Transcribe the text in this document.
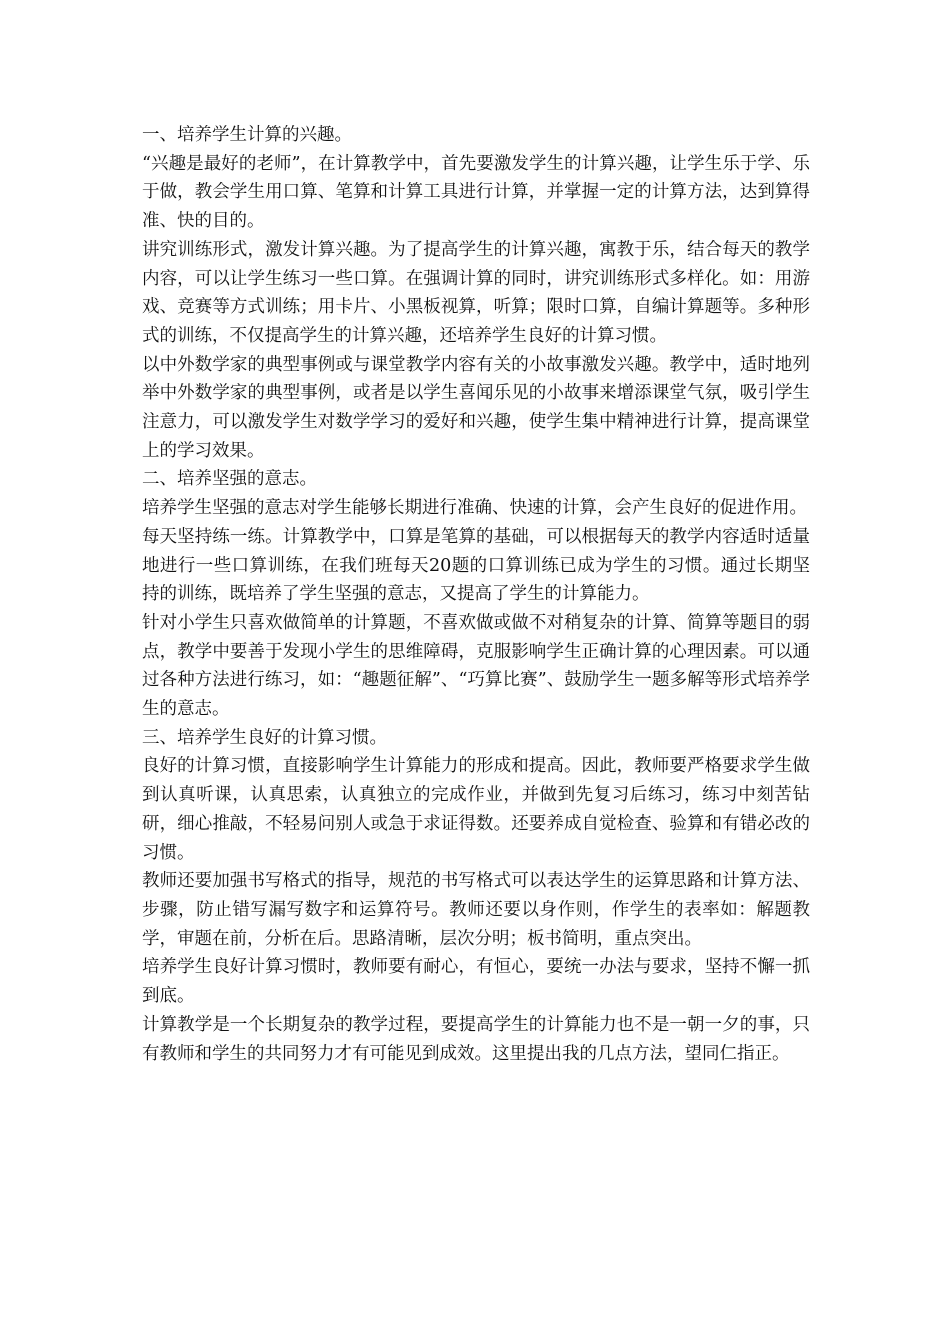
一、培养学生计算的兴趣。

“兴趣是最好的老师”，在计算教学中，首先要激发学生的计算兴趣，让学生乐于学、乐于做，教会学生用口算、笔算和计算工具进行计算，并掌握一定的计算方法，达到算得准、快的目的。

讲究训练形式，激发计算兴趣。为了提高学生的计算兴趣，寓教于乐，结合每天的教学内容，可以让学生练习一些口算。在强调计算的同时，讲究训练形式多样化。如：用游戏、竞赛等方式训练；用卡片、小黑板视算，听算；限时口算，自编计算题等。多种形式的训练，不仅提高学生的计算兴趣，还培养学生良好的计算习惯。

以中外数学家的典型事例或与课堂教学内容有关的小故事激发兴趣。教学中，适时地列举中外数学家的典型事例，或者是以学生喜闻乐见的小故事来增添课堂气氛，吸引学生注意力，可以激发学生对数学学习的爱好和兴趣，使学生集中精神进行计算，提高课堂上的学习效果。

二、培养坚强的意志。

培养学生坚强的意志对学生能够长期进行准确、快速的计算，会产生良好的促进作用。

每天坚持练一练。计算教学中，口算是笔算的基础，可以根据每天的教学内容适时适量地进行一些口算训练，在我们班每天20题的口算训练已成为学生的习惯。通过长期坚持的训练，既培养了学生坚强的意志，又提高了学生的计算能力。

针对小学生只喜欢做简单的计算题，不喜欢做或做不对稍复杂的计算、简算等题目的弱点，教学中要善于发现小学生的思维障碍，克服影响学生正确计算的心理因素。可以通过各种方法进行练习，如：“趣题征解”、“巧算比赛”、鼓励学生一题多解等形式培养学生的意志。

三、培养学生良好的计算习惯。

良好的计算习惯，直接影响学生计算能力的形成和提高。因此，教师要严格要求学生做到认真听课，认真思索，认真独立的完成作业，并做到先复习后练习，练习中刻苦钻研，细心推敲，不轻易问别人或急于求证得数。还要养成自觉检查、验算和有错必改的习惯。

教师还要加强书写格式的指导，规范的书写格式可以表达学生的运算思路和计算方法、步骤，防止错写漏写数字和运算符号。教师还要以身作则，作学生的表率如：解题教学，审题在前，分析在后。思路清晰，层次分明；板书简明，重点突出。

培养学生良好计算习惯时，教师要有耐心，有恒心，要统一办法与要求，坚持不懈一抓到底。

计算教学是一个长期复杂的教学过程，要提高学生的计算能力也不是一朝一夕的事，只有教师和学生的共同努力才有可能见到成效。这里提出我的几点方法，望同仁指正。
